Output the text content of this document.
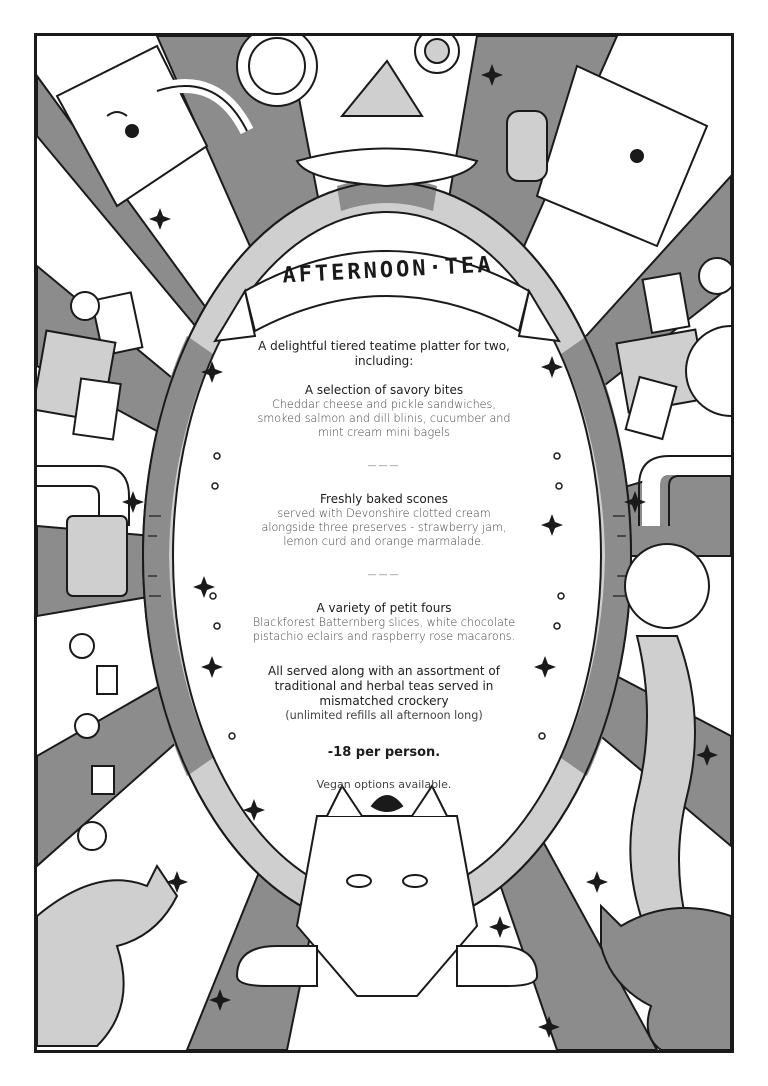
AFTERNOON·TEA

A delightful tiered teatime platter for two, including:

A selection of savory bites

Cheddar cheese and pickle sandwiches, smoked salmon and dill blinis, cucumber and mint cream mini bagels

———

Freshly baked scones

served with Devonshire clotted cream alongside three preserves - strawberry jam, lemon curd and orange marmalade.

———

A variety of petit fours

Blackforest Batternberg slices, white chocolate pistachio eclairs and raspberry rose macarons.

All served along with an assortment of traditional and herbal teas served in mismatched crockery

(unlimited refills all afternoon long)

-18 per person.

Vegan options available.
